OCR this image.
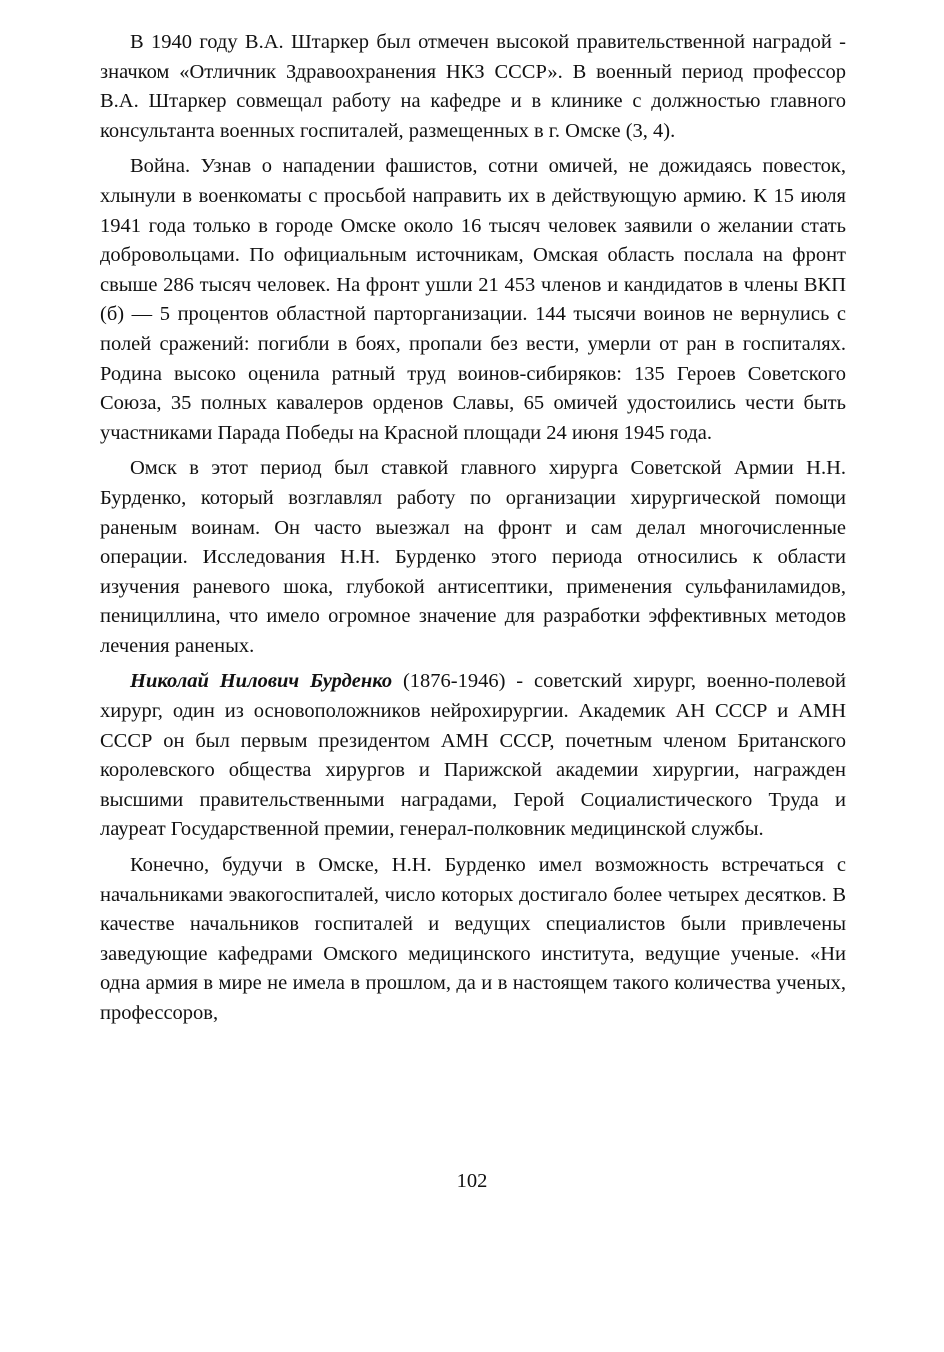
В 1940 году В.А. Штаркер был отмечен высокой правительственной наградой - значком «Отличник Здравоохранения НКЗ СССР». В военный период профессор В.А. Штаркер совмещал работу на кафедре и в клинике с должностью главного консультанта военных госпиталей, размещенных в г. Омске (3, 4).

Война. Узнав о нападении фашистов, сотни омичей, не дожидаясь повесток, хлынули в военкоматы с просьбой направить их в действующую армию. К 15 июля 1941 года только в городе Омске около 16 тысяч человек заявили о желании стать добровольцами. По официальным источникам, Омская область послала на фронт свыше 286 тысяч человек. На фронт ушли 21 453 членов и кандидатов в члены ВКП (б) — 5 процентов областной парторганизации. 144 тысячи воинов не вернулись с полей сражений: погибли в боях, пропали без вести, умерли от ран в госпиталях. Родина высоко оценила ратный труд воинов-сибиряков: 135 Героев Советского Союза, 35 полных кавалеров орденов Славы, 65 омичей удостоились чести быть участниками Парада Победы на Красной площади 24 июня 1945 года.

Омск в этот период был ставкой главного хирурга Советской Армии Н.Н. Бурденко, который возглавлял работу по организации хирургической помощи раненым воинам. Он часто выезжал на фронт и сам делал многочисленные операции. Исследования Н.Н. Бурденко этого периода относились к области изучения раневого шока, глубокой антисептики, применения сульфаниламидов, пенициллина, что имело огромное значение для разработки эффективных методов лечения раненых.

Николай Нилович Бурденко (1876-1946) - советский хирург, военно-полевой хирург, один из основоположников нейрохирургии. Академик АН СССР и АМН СССР он был первым президентом АМН СССР, почетным членом Британского королевского общества хирургов и Парижской академии хирургии, награжден высшими правительственными наградами, Герой Социалистического Труда и лауреат Государственной премии, генерал-полковник медицинской службы.

Конечно, будучи в Омске, Н.Н. Бурденко имел возможность встречаться с начальниками эвакогоспиталей, число которых достигало более четырех десятков. В качестве начальников госпиталей и ведущих специалистов были привлечены заведующие кафедрами Омского медицинского института, ведущие ученые. «Ни одна армия в мире не имела в прошлом, да и в настоящем такого количества ученых, профессоров,

102
